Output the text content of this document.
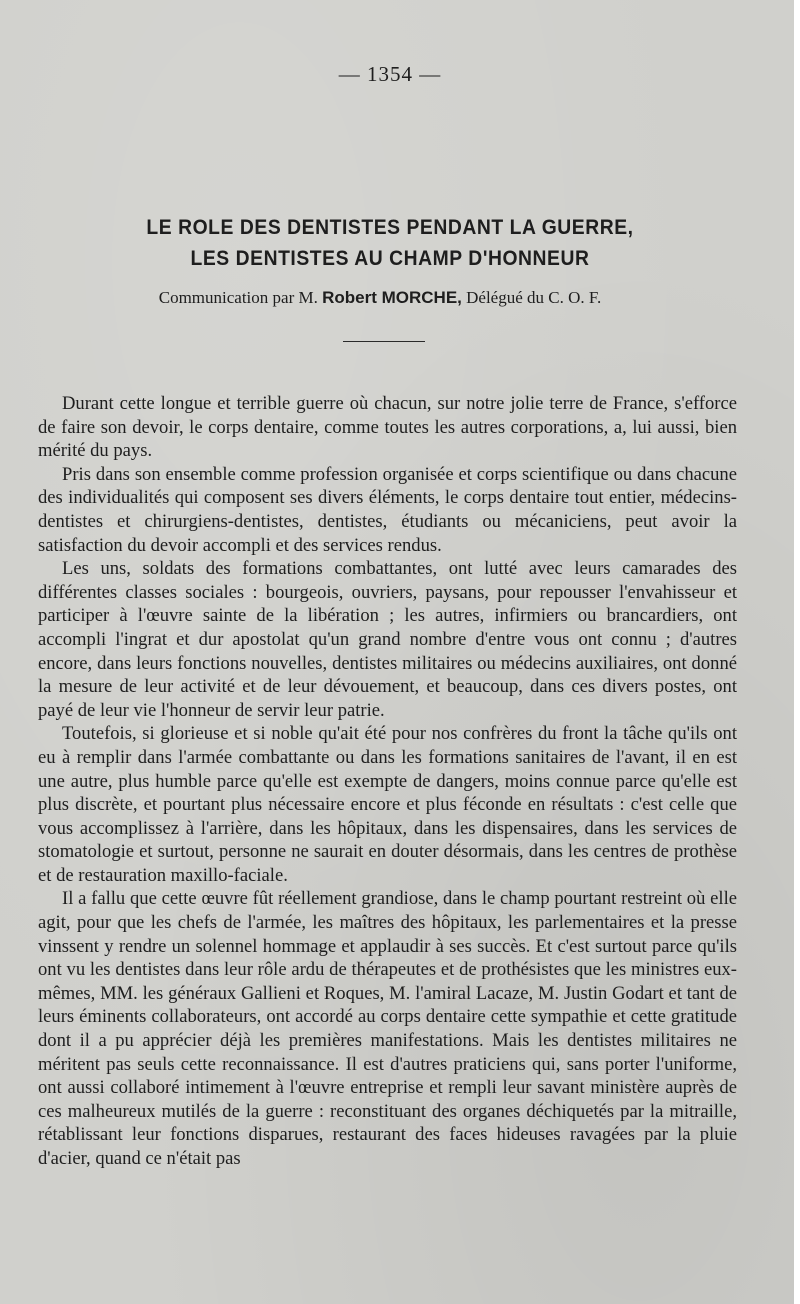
— 1354 —
LE ROLE DES DENTISTES PENDANT LA GUERRE,
LES DENTISTES AU CHAMP D'HONNEUR
Communication par M. Robert MORCHE, Délégué du C. O. F.

Durant cette longue et terrible guerre où chacun, sur notre jolie terre de France, s'efforce de faire son devoir, le corps dentaire, comme toutes les autres corporations, a, lui aussi, bien mérité du pays.

Pris dans son ensemble comme profession organisée et corps scientifique ou dans chacune des individualités qui composent ses divers éléments, le corps dentaire tout entier, médecins-dentistes et chirurgiens-dentistes, dentistes, étudiants ou mécaniciens, peut avoir la satisfaction du devoir accompli et des services rendus.

Les uns, soldats des formations combattantes, ont lutté avec leurs camarades des différentes classes sociales : bourgeois, ouvriers, paysans, pour repousser l'envahisseur et participer à l'œuvre sainte de la libération ; les autres, infirmiers ou brancardiers, ont accompli l'ingrat et dur apostolat qu'un grand nombre d'entre vous ont connu ; d'autres encore, dans leurs fonctions nouvelles, dentistes militaires ou médecins auxiliaires, ont donné la mesure de leur activité et de leur dévouement, et beaucoup, dans ces divers postes, ont payé de leur vie l'honneur de servir leur patrie.

Toutefois, si glorieuse et si noble qu'ait été pour nos confrères du front la tâche qu'ils ont eu à remplir dans l'armée combattante ou dans les formations sanitaires de l'avant, il en est une autre, plus humble parce qu'elle est exempte de dangers, moins connue parce qu'elle est plus discrète, et pourtant plus nécessaire encore et plus féconde en résultats : c'est celle que vous accomplissez à l'arrière, dans les hôpitaux, dans les dispensaires, dans les services de stomatologie et surtout, personne ne saurait en douter désormais, dans les centres de prothèse et de restauration maxillo-faciale.

Il a fallu que cette œuvre fût réellement grandiose, dans le champ pourtant restreint où elle agit, pour que les chefs de l'armée, les maîtres des hôpitaux, les parlementaires et la presse vinssent y rendre un solennel hommage et applaudir à ses succès. Et c'est surtout parce qu'ils ont vu les dentistes dans leur rôle ardu de thérapeutes et de prothésistes que les ministres eux-mêmes, MM. les généraux Gallieni et Roques, M. l'amiral Lacaze, M. Justin Godart et tant de leurs éminents collaborateurs, ont accordé au corps dentaire cette sympathie et cette gratitude dont il a pu apprécier déjà les premières manifestations. Mais les dentistes militaires ne méritent pas seuls cette reconnaissance. Il est d'autres praticiens qui, sans porter l'uniforme, ont aussi collaboré intimement à l'œuvre entreprise et rempli leur savant ministère auprès de ces malheureux mutilés de la guerre : reconstituant des organes déchiquetés par la mitraille, rétablissant leur fonctions disparues, restaurant des faces hideuses ravagées par la pluie d'acier, quand ce n'était pas
